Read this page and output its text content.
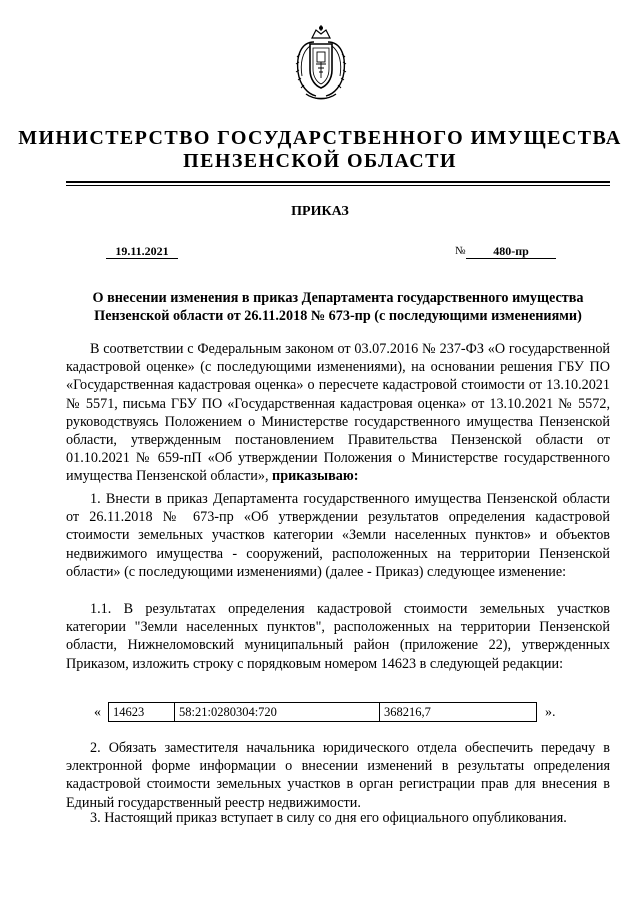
МИНИСТЕРСТВО ГОСУДАРСТВЕННОГО ИМУЩЕСТВА
ПЕНЗЕНСКОЙ ОБЛАСТИ
ПРИКАЗ
19.11.2021	№	480-пр
О внесении изменения в приказ Департамента государственного имущества Пензенской области от 26.11.2018 № 673-пр (с последующими изменениями)
В соответствии с Федеральным законом от 03.07.2016 № 237-ФЗ «О государственной кадастровой оценке» (с последующими изменениями), на основании решения ГБУ ПО «Государственная кадастровая оценка» о пересчете кадастровой стоимости от 13.10.2021 № 5571, письма ГБУ ПО «Государственная кадастровая оценка» от 13.10.2021 № 5572, руководствуясь Положением о Министерстве государственного имущества Пензенской области, утвержденным постановлением Правительства Пензенской области от 01.10.2021 № 659-пП «Об утверждении Положения о Министерстве государственного имущества Пензенской области», приказываю:
1. Внести в приказ Департамента государственного имущества Пензенской области от 26.11.2018 № 673-пр «Об утверждении результатов определения кадастровой стоимости земельных участков категории «Земли населенных пунктов» и объектов недвижимого имущества - сооружений, расположенных на территории Пензенской области» (с последующими изменениями) (далее - Приказ) следующее изменение:
1.1. В результатах определения кадастровой стоимости земельных участков категории "Земли населенных пунктов", расположенных на территории Пензенской области, Нижнеломовский муниципальный район (приложение 22), утвержденных Приказом, изложить строку с порядковым номером 14623 в следующей редакции:
« 14623	58:21:0280304:720	368216,7	».
2. Обязать заместителя начальника юридического отдела обеспечить передачу в электронной форме информации о внесении изменений в результаты определения кадастровой стоимости земельных участков в орган регистрации прав для внесения в Единый государственный реестр недвижимости.
3. Настоящий приказ вступает в силу со дня его официального опубликования.
